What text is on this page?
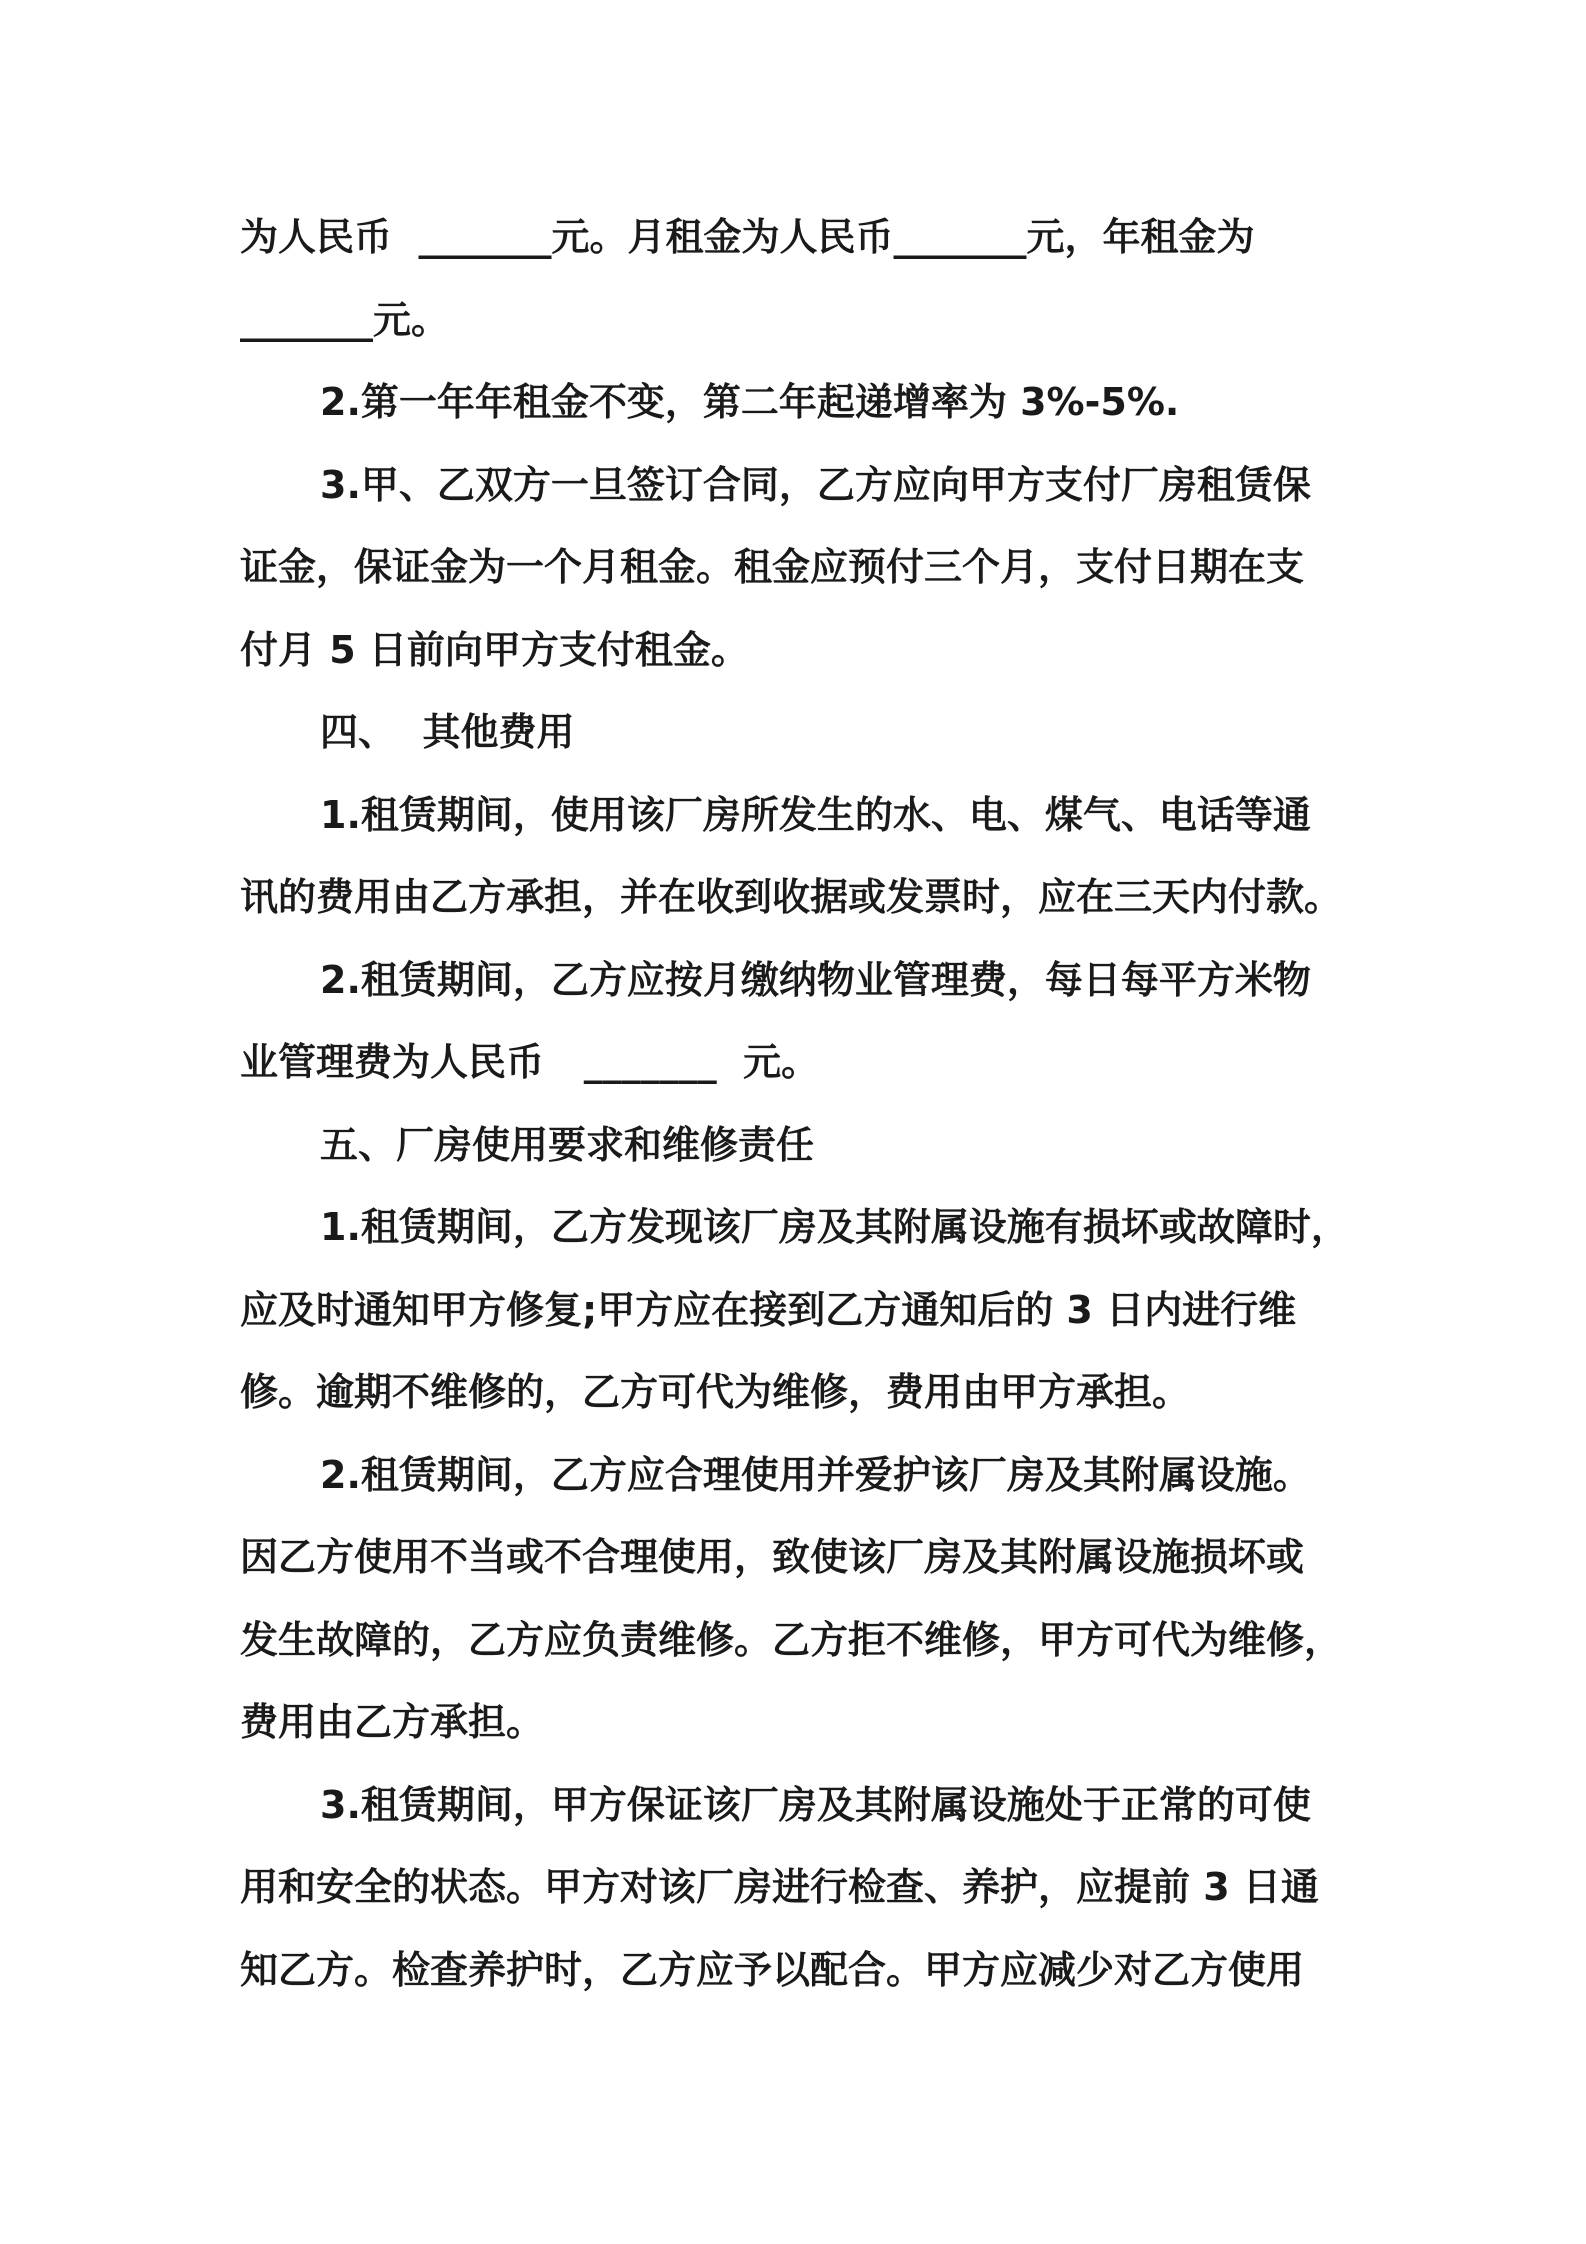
为人民币  _______元。月租金为人民币_______元，年租金为
_______元。
2.第一年年租金不变，第二年起递增率为 3%-5%.
3.甲、乙双方一旦签订合同，乙方应向甲方支付厂房租赁保
证金，保证金为一个月租金。租金应预付三个月，支付日期在支
付月 5 日前向甲方支付租金。
四、  其他费用
1.租赁期间，使用该厂房所发生的水、电、煤气、电话等通
讯的费用由乙方承担，并在收到收据或发票时，应在三天内付款。
2.租赁期间，乙方应按月缴纳物业管理费，每日每平方米物
业管理费为人民币   _______  元。
五、厂房使用要求和维修责任
1.租赁期间，乙方发现该厂房及其附属设施有损坏或故障时，
应及时通知甲方修复;甲方应在接到乙方通知后的 3 日内进行维
修。逾期不维修的，乙方可代为维修，费用由甲方承担。
2.租赁期间，乙方应合理使用并爱护该厂房及其附属设施。
因乙方使用不当或不合理使用，致使该厂房及其附属设施损坏或
发生故障的，乙方应负责维修。乙方拒不维修，甲方可代为维修，
费用由乙方承担。
3.租赁期间，甲方保证该厂房及其附属设施处于正常的可使
用和安全的状态。甲方对该厂房进行检查、养护，应提前 3 日通
知乙方。检查养护时，乙方应予以配合。甲方应减少对乙方使用
